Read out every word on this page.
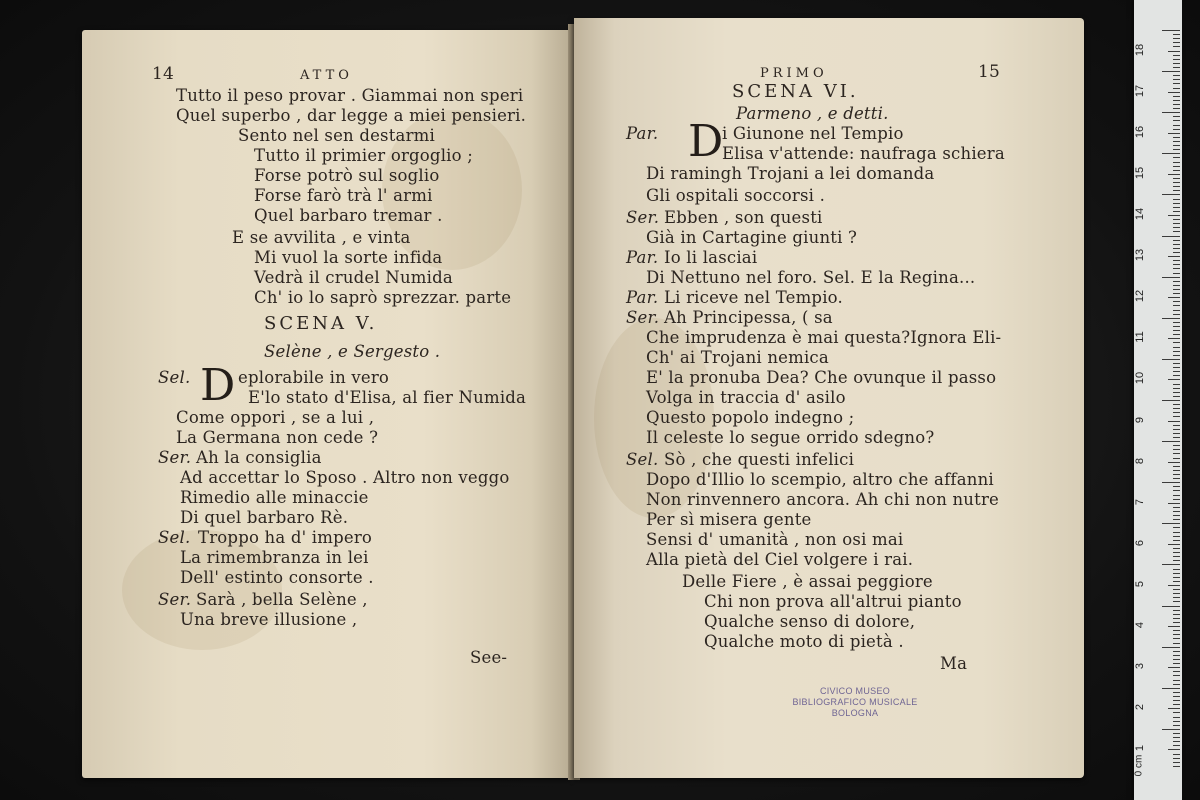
14	ATTO
Tutto il peso provar . Giammai non speri
Quel superbo , dar legge a miei pensieri.
Sento nel sen destarmi
Tutto il primier orgoglio ;
Forse potrò sul soglio
Forse farò trà l' armi
Quel barbaro tremar .
E se avvilita , e vinta
Mi vuol la sorte infida
Vedrà il crudel Numida
Ch' io lo saprò sprezzar. parte
SCENA V.
Selène , e Sergesto .
D
Sel.	eplorabile in vero
E'lo stato d'Elisa, al fier Numida
Come oppori , se a lui ,
La Germana non cede ?
Ser. Ah la consiglia
Ad accettar lo Sposo . Altro non veggo
Rimedio alle minaccie
Di quel barbaro Rè.
Sel. Troppo ha d' impero
La rimembranza in lei
Dell' estinto consorte .
Ser. Sarà , bella Selène ,
Una breve illusione ,
See-
PRIMO	15
SCENA VI.
Parmeno , e detti.
D
Par.	i Giunone nel Tempio
Elisa v'attende: naufraga schiera
Di ramingh Trojani a lei domanda
Gli ospitali soccorsi .
Ser. Ebben , son questi
Già in Cartagine giunti ?
Par. Io li lasciai
Di Nettuno nel foro. Sel. E la Regina...
Par. Li riceve nel Tempio.
Ser. Ah Principessa, ( sa
Che imprudenza è mai questa?Ignora Eli-
Ch' ai Trojani nemica
E' la pronuba Dea? Che ovunque il passo
Volga in traccia d' asilo
Questo popolo indegno ;
Il celeste lo segue orrido sdegno?
Sel. Sò , che questi infelici
Dopo d'Illio lo scempio, altro che affanni
Non rinvennero ancora. Ah chi non nutre
Per sì misera gente
Sensi d' umanità , non osi mai
Alla pietà del Ciel volgere i rai.
Delle Fiere , è assai peggiore
Chi non prova all'altrui pianto
Qualche senso di dolore,
Qualche moto di pietà .
Ma
CIVICO MUSEO
BIBLIOGRAFICO MUSICALE
BOLOGNA
0 cm
18
17
16
15
14
13
12
11
10
9
8
7
6
5
4
3
2
1
